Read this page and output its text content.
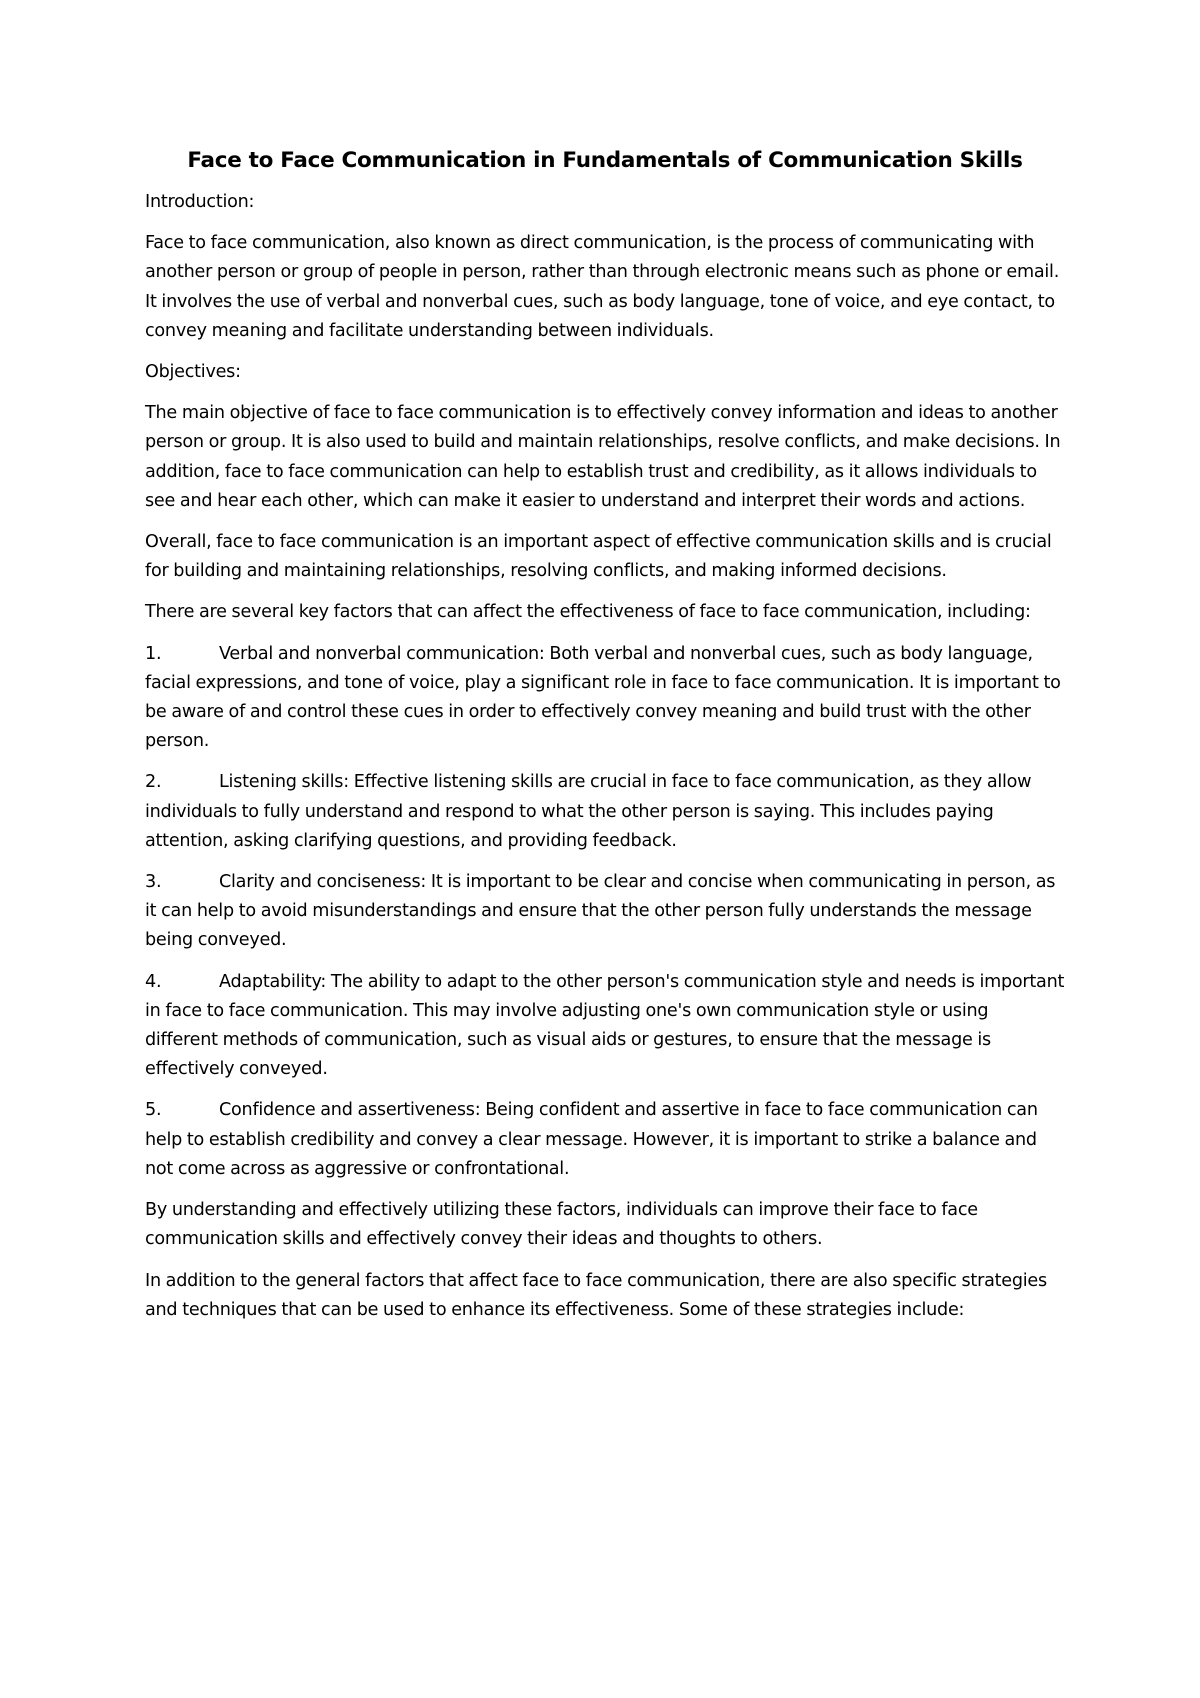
Face to Face Communication in Fundamentals of Communication Skills

Introduction:

Face to face communication, also known as direct communication, is the process of communicating with another person or group of people in person, rather than through electronic means such as phone or email. It involves the use of verbal and nonverbal cues, such as body language, tone of voice, and eye contact, to convey meaning and facilitate understanding between individuals.

Objectives:

The main objective of face to face communication is to effectively convey information and ideas to another person or group. It is also used to build and maintain relationships, resolve conflicts, and make decisions. In addition, face to face communication can help to establish trust and credibility, as it allows individuals to see and hear each other, which can make it easier to understand and interpret their words and actions.

Overall, face to face communication is an important aspect of effective communication skills and is crucial for building and maintaining relationships, resolving conflicts, and making informed decisions.

There are several key factors that can affect the effectiveness of face to face communication, including:

1.	Verbal and nonverbal communication: Both verbal and nonverbal cues, such as body language, facial expressions, and tone of voice, play a significant role in face to face communication. It is important to be aware of and control these cues in order to effectively convey meaning and build trust with the other person.

2.	Listening skills: Effective listening skills are crucial in face to face communication, as they allow individuals to fully understand and respond to what the other person is saying. This includes paying attention, asking clarifying questions, and providing feedback.

3.	Clarity and conciseness: It is important to be clear and concise when communicating in person, as it can help to avoid misunderstandings and ensure that the other person fully understands the message being conveyed.

4.	Adaptability: The ability to adapt to the other person's communication style and needs is important in face to face communication. This may involve adjusting one's own communication style or using different methods of communication, such as visual aids or gestures, to ensure that the message is effectively conveyed.

5.	Confidence and assertiveness: Being confident and assertive in face to face communication can help to establish credibility and convey a clear message. However, it is important to strike a balance and not come across as aggressive or confrontational.

By understanding and effectively utilizing these factors, individuals can improve their face to face communication skills and effectively convey their ideas and thoughts to others.

In addition to the general factors that affect face to face communication, there are also specific strategies and techniques that can be used to enhance its effectiveness. Some of these strategies include:
